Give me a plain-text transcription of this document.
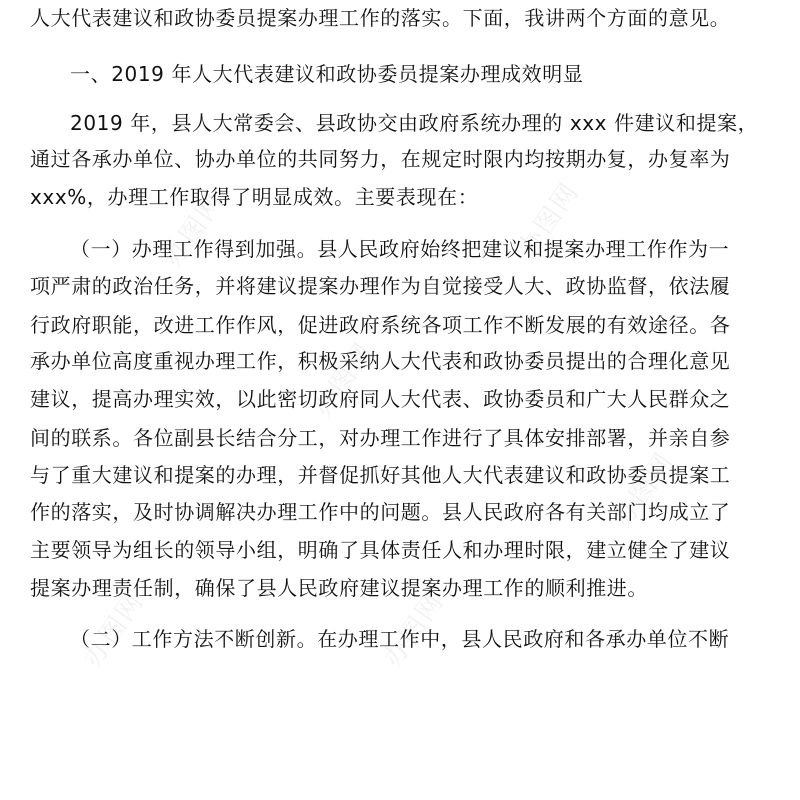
人大代表建议和政协委员提案办理工作的落实。下面，我讲两个方面的意见。
一、2019 年人大代表建议和政协委员提案办理成效明显
2019 年，县人大常委会、县政协交由政府系统办理的 xxx 件建议和提案，
通过各承办单位、协办单位的共同努力，在规定时限内均按期办复，办复率为
xxx%，办理工作取得了明显成效。主要表现在：
（一）办理工作得到加强。县人民政府始终把建议和提案办理工作作为一
项严肃的政治任务，并将建议提案办理作为自觉接受人大、政协监督，依法履
行政府职能，改进工作作风，促进政府系统各项工作不断发展的有效途径。各
承办单位高度重视办理工作，积极采纳人大代表和政协委员提出的合理化意见
建议，提高办理实效，以此密切政府同人大代表、政协委员和广大人民群众之
间的联系。各位副县长结合分工，对办理工作进行了具体安排部署，并亲自参
与了重大建议和提案的办理，并督促抓好其他人大代表建议和政协委员提案工
作的落实，及时协调解决办理工作中的问题。县人民政府各有关部门均成立了
主要领导为组长的领导小组，明确了具体责任人和办理时限，建立健全了建议
提案办理责任制，确保了县人民政府建议提案办理工作的顺利推进。
（二）工作方法不断创新。在办理工作中，县人民政府和各承办单位不断
办图网	办图网
办图网
办图网
办图网	办图网
